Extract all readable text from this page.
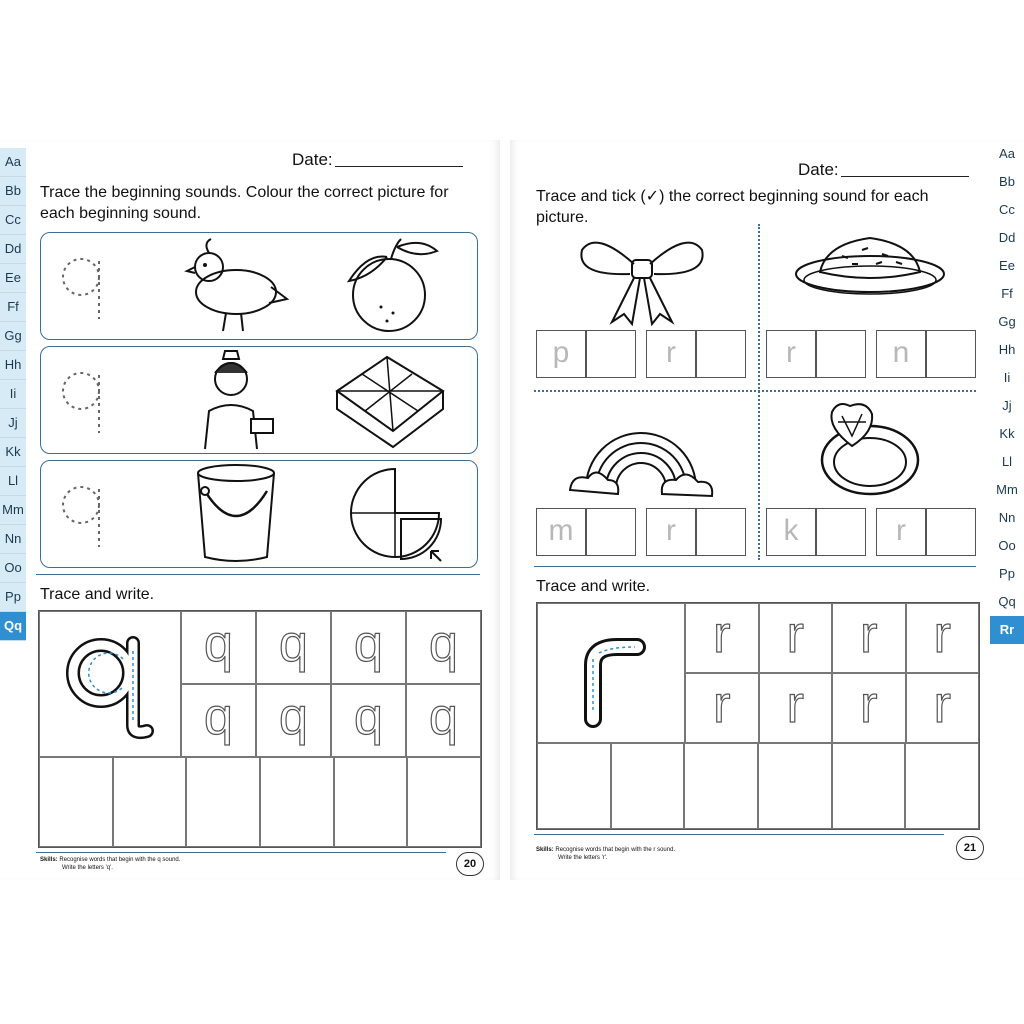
Aa
Bb
Cc
Dd
Ee
Ff
Gg
Hh
Ii
Jj
Kk
Ll
Mm
Nn
Oo
Pp
Qq
Date:
Trace the beginning sounds. Colour the correct picture for each beginning sound.
Trace and write.
q q q q
q q q q
Skills: Recognise words that begin with the q sound.
Write the letters 'q'.	20
Aa
Bb
Cc
Dd
Ee
Ff
Gg
Hh
Ii
Jj
Kk
Ll
Mm
Nn
Oo
Pp
Qq
Rr
Date:
Trace and tick (✓) the correct beginning sound for each picture.
p	r	r	n
m	r	k	r
Trace and write.
r	r	r	r
r	r	r	r
Skills: Recognise words that begin with the r sound.
Write the letters 'r'.
21
